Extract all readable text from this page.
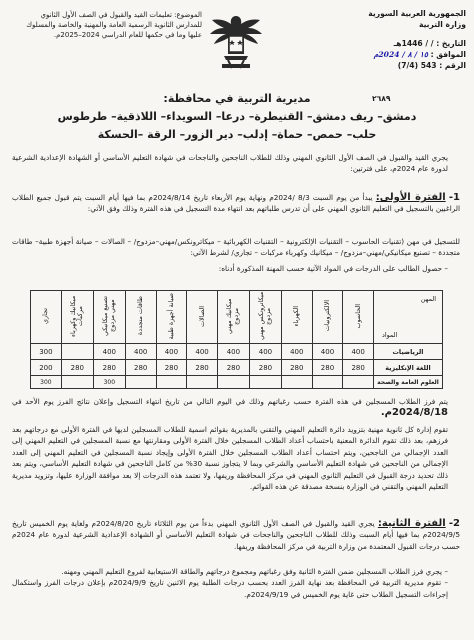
الجمهورية العربية السورية
وزارة التربية
التاريخ : / / 1446هـ
الموافق : ١٥ / ٨ / 2024م
الرقم : 543 (7/4)
٢٦٨٩
الموضوع: تعليمات القيد والقبول في الصف الأول الثانوي
للمدارس الثانوية الرسمية العامة والمهنية والخاصة والمسلوك
عليها وما في حكمها للعام الدراسي 2024–2025م.
مديرية التربية في محافظة:
دمشق– ريف دمشق– القنيطرة– درعا– السويداء– اللاذقية– طرطوس
حلب– حمص– حماة– إدلب– دير الزور– الرقة –الحسكة
يجري القيد والقبول في الصف الأول الثانوي المهني وذلك للطلاب الناجحين والناجحات في شهادة التعليم الأساسي أو الشهادة الإعدادية الشرعية لدورة عام 2024م، على فترتين:
1- الفترة الأولى: يبدأ من يوم السبت 8/3 /2024م ونهاية يوم الأربعاء تاريخ 2024/8/14م بما فيها أيام السبت يتم قبول جميع الطلاب الراغبين بالتسجيل في التعليم الثانوي المهني على أن تدرس طلباتهم بعد انتهاء مدة التسجيل في هذه الفترة وذلك وفق الآتي:
للتسجيل في مهن (تقنيات الحاسوب – التقنيات الإلكترونية – التقنيات الكهربائية – ميكاترونكس/مهني–مزدوج/ – الصالات – صيانة أجهزة طبية– طاقات متجددة – تصنيع ميكانيكي/مهني–مزدوج/ – ميكانيك وكهرباء مركبات – تجاري/ لشرط الآتي:
– حصول الطالب على الدرجات في المواد الآتية حسب المهنة المذكورة أدناه:
المهن
المواد	الحاسوب	الالكترونيات	الكهرباء	ميكاترونكس مهني مزدوج	ميكانيك مهني مزدوج	الصالات	صيانة أجهزة طبية	طاقات متجددة	تصنيع ميكانيكي مهني مزدوج	ميكانيك وكهرباء مركبات	تجاري
الرياضيات	400	400	400	400	400	400	400	400	400		300
اللغة الإنكليزية	280	280	280	280	280	280	280	280	280	280	200
العلوم العامة والصحة									300		300
يتم فرز الطلاب المسجلين في هذه الفترة حسب رغباتهم وذلك في اليوم التالي من تاريخ انتهاء التسجيل وإعلان نتائج الفرز يوم الأحد في 2024/8/18م.
تقوم إدارة كل ثانوية مهنية بتزويد دائرة التعليم المهني والتقني بالمديرية بقوائم اسمية للطلاب المسجلين لديها في الفترة الأولى مع درجاتهم بعد فرزهم، بعد ذلك تقوم الدائرة المعنية باحتساب أعداد الطلاب المسجلين خلال الفترة الأولى ومقارنتها مع نسبة المسجلين في التعليم المهني إلى العدد الإجمالي من الناجحين، ويتم احتساب أعداد الطلاب المسجلين خلال الفترة الأولى وإيجاد نسبة المسجلين في التعليم المهني إلى العدد الإجمالي من الناجحين في شهادة التعليم الأساسي والشرعي وبما لا يتجاوز نسبة 30% من كامل الناجحين في شهادة التعليم الأساسي، ويتم بعد ذلك تحديد درجة القبول في التعليم الثانوي المهني في مركز المحافظة وريفها، ولا تعتمد هذه الدرجات إلا بعد موافقة الوزارة عليها، وتزويد مديرية التعليم المهني والتقني في الوزارة بنسخة مصدقة عن هذه القوائم.
2- الفترة الثانية: يجري القيد والقبول في الصف الأول الثانوي المهني بدءاً من يوم الثلاثاء تاريخ 2024/8/20م ولغاية يوم الخميس تاريخ 2024/9/5م بما فيها أيام السبت وذلك للطلاب الناجحين والناجحات في شهادة التعليم الأساسي أو الشهادة الإعدادية الشرعية لدورة عام 2024م حسب درجات القبول المعتمدة من وزارة التربية في مركز المحافظة وريفها.
– يجري فرز الطلاب المسجلين ضمن الفترة الثانية وفق رغباتهم ومجموع درجاتهم والطاقة الاستيعابية لفروع التعليم المهني ومهنه.
– تقوم مديرية التربية في المحافظة بعد نهاية الفرز العدد بحسب درجات الطلبة يوم الاثنين تاريخ 2024/9/9م بإعلان درجات الفرز واستكمال إجراءات التسجيل الطلاب حتى غاية يوم الخميس في 2024/9/19م.
